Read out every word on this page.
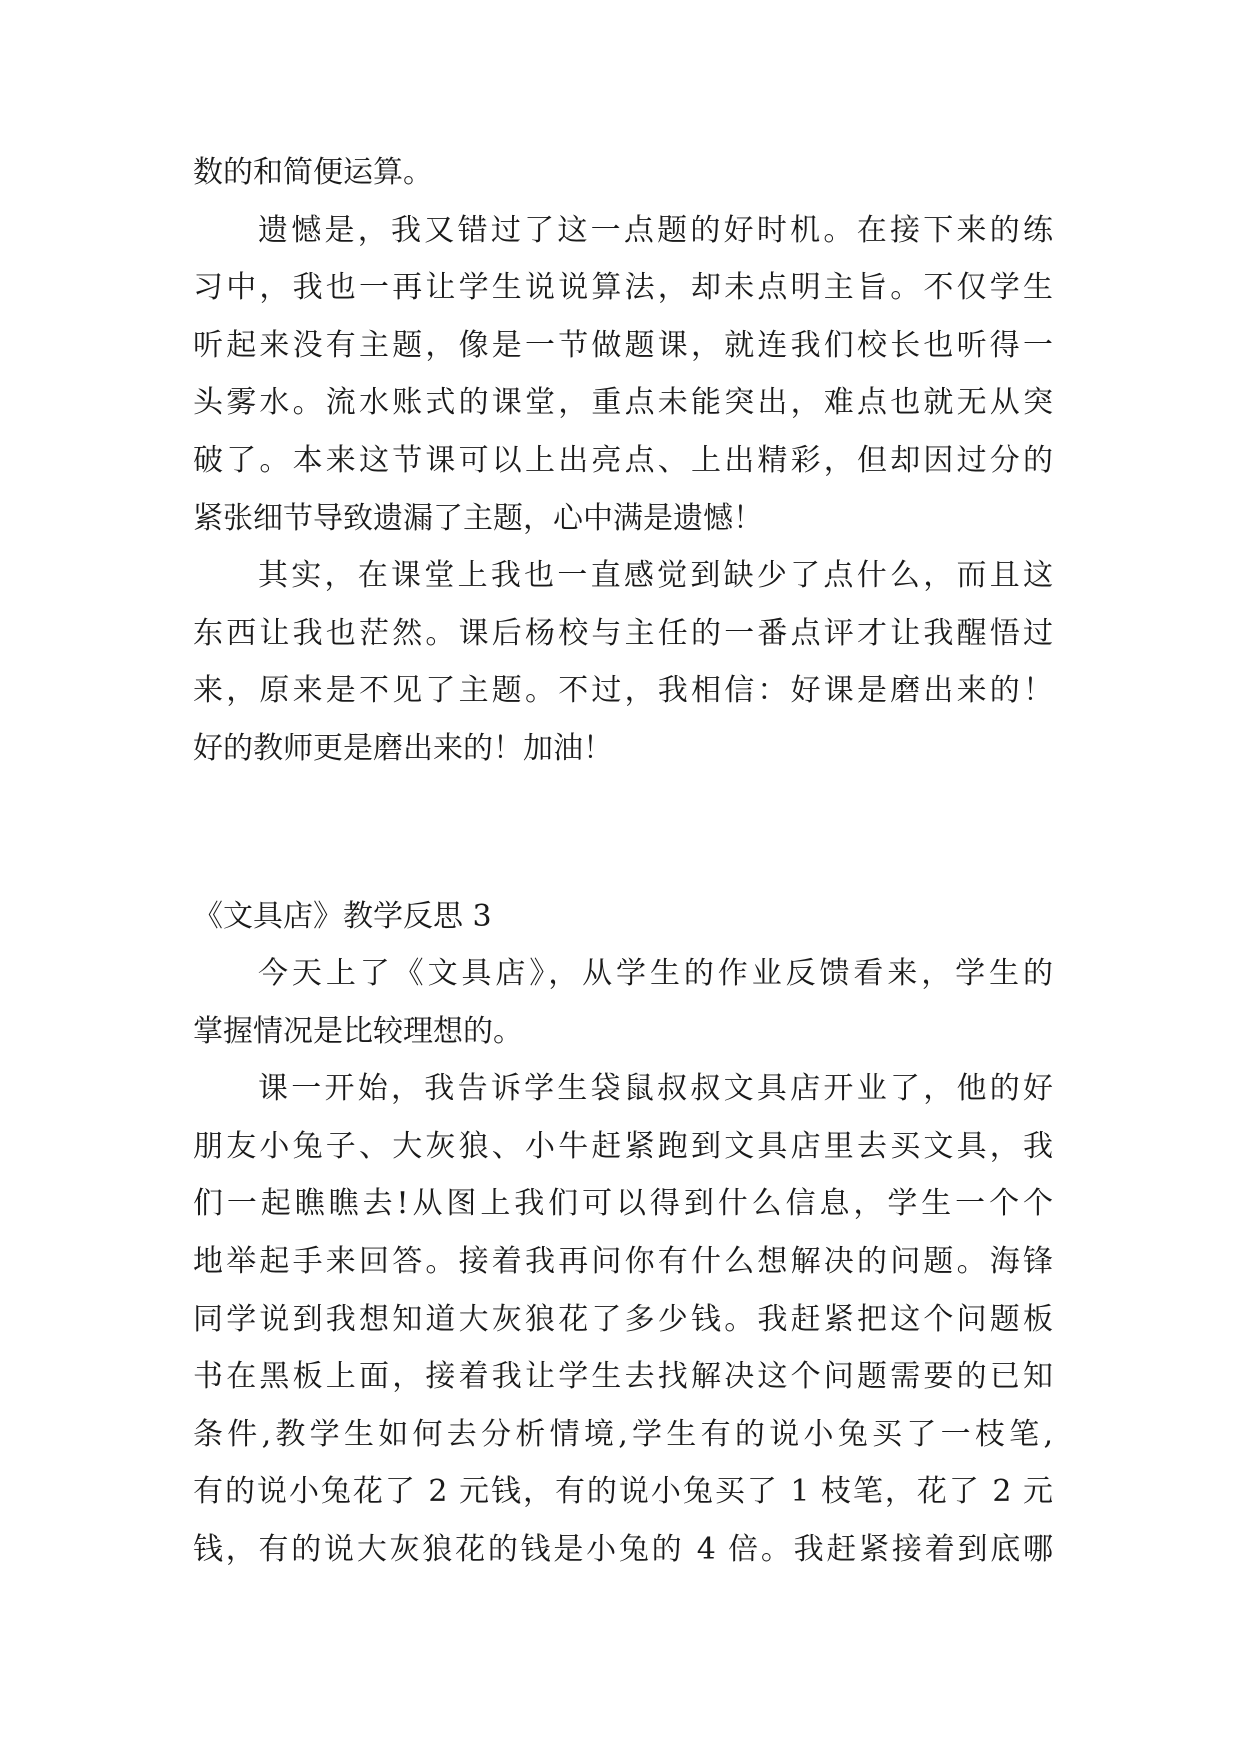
数的和简便运算。
遗憾是，我又错过了这一点题的好时机。在接下来的练
习中，我也一再让学生说说算法，却未点明主旨。不仅学生
听起来没有主题，像是一节做题课，就连我们校长也听得一
头雾水。流水账式的课堂，重点未能突出，难点也就无从突
破了。本来这节课可以上出亮点、上出精彩，但却因过分的
紧张细节导致遗漏了主题，心中满是遗憾！
其实，在课堂上我也一直感觉到缺少了点什么，而且这
东西让我也茫然。课后杨校与主任的一番点评才让我醒悟过
来，原来是不见了主题。不过，我相信：好课是磨出来的！
好的教师更是磨出来的！加油！
《文具店》教学反思 3
今天上了《文具店》，从学生的作业反馈看来，学生的
掌握情况是比较理想的。
课一开始，我告诉学生袋鼠叔叔文具店开业了，他的好
朋友小兔子、大灰狼、小牛赶紧跑到文具店里去买文具，我
们一起瞧瞧去!从图上我们可以得到什么信息，学生一个个
地举起手来回答。接着我再问你有什么想解决的问题。海锋
同学说到我想知道大灰狼花了多少钱。我赶紧把这个问题板
书在黑板上面，接着我让学生去找解决这个问题需要的已知
条件,教学生如何去分析情境,学生有的说小兔买了一枝笔,
有的说小兔花了 2 元钱，有的说小兔买了 1 枝笔，花了 2 元
钱，有的说大灰狼花的钱是小兔的 4 倍。我赶紧接着到底哪
